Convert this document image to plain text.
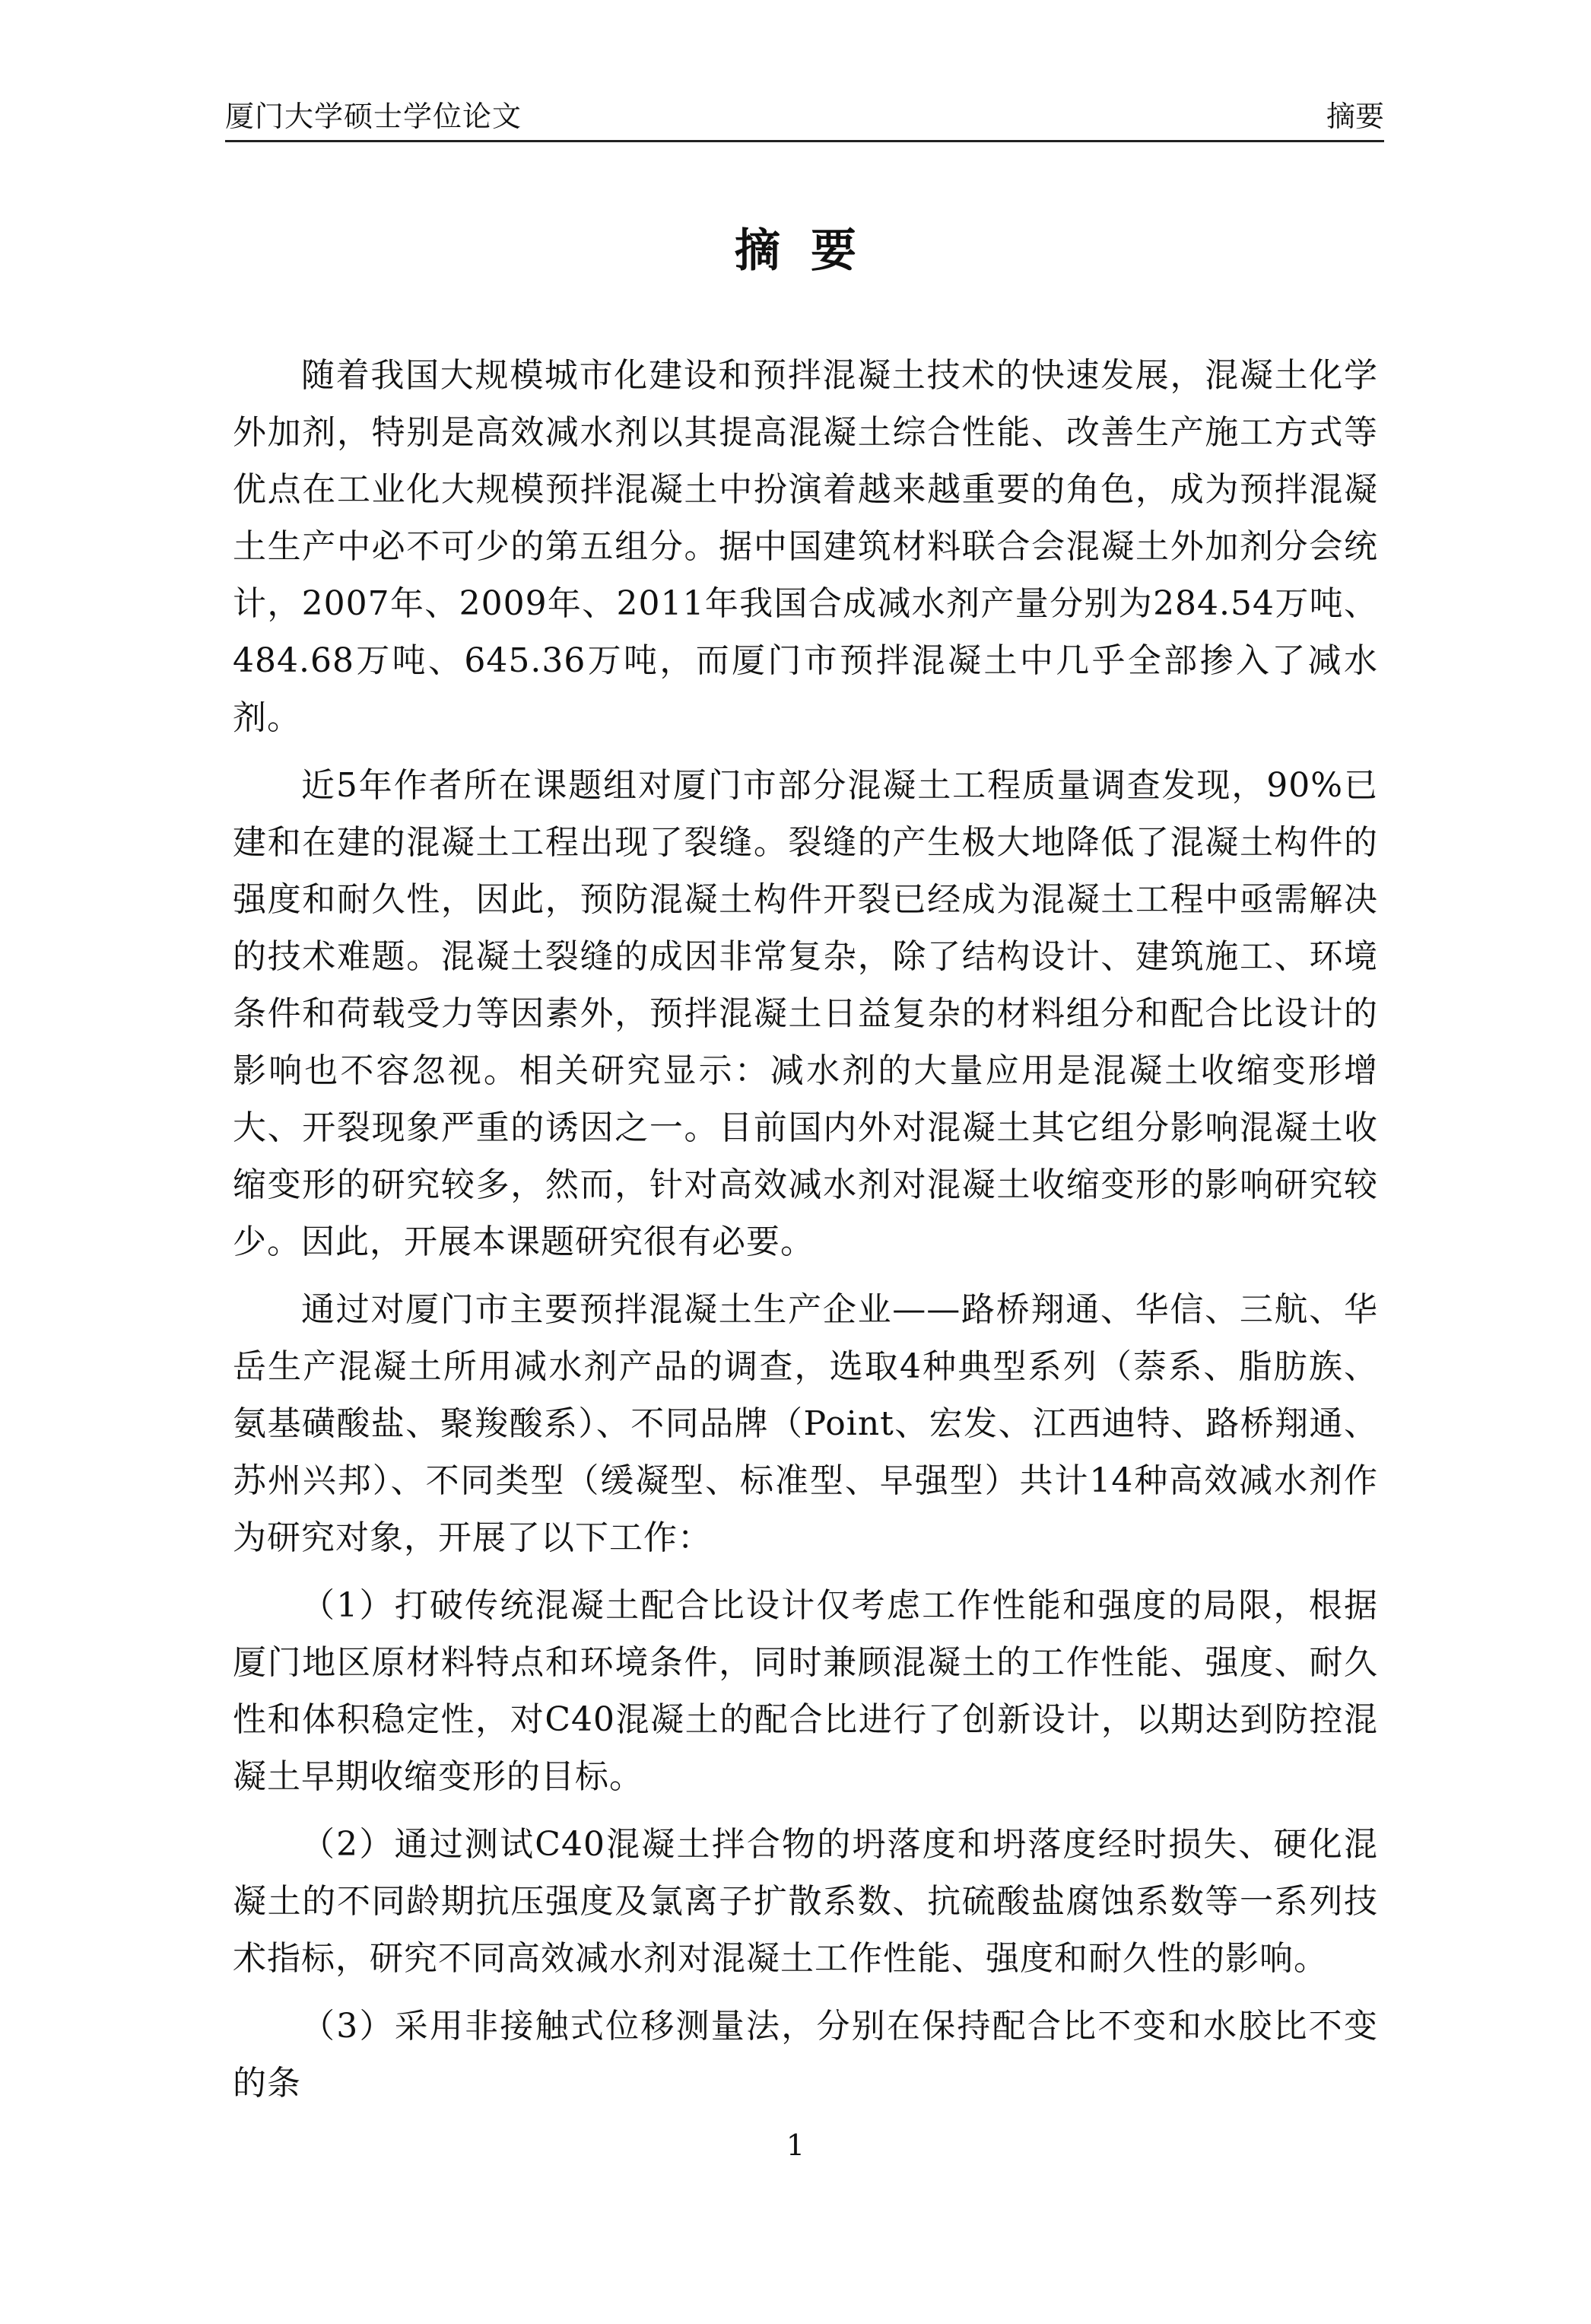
厦门大学硕士学位论文	摘要
摘要

随着我国大规模城市化建设和预拌混凝土技术的快速发展，混凝土化学外加剂，特别是高效减水剂以其提高混凝土综合性能、改善生产施工方式等优点在工业化大规模预拌混凝土中扮演着越来越重要的角色，成为预拌混凝土生产中必不可少的第五组分。据中国建筑材料联合会混凝土外加剂分会统计，2007年、2009年、2011年我国合成减水剂产量分别为284.54万吨、484.68万吨、645.36万吨，而厦门市预拌混凝土中几乎全部掺入了减水剂。

近5年作者所在课题组对厦门市部分混凝土工程质量调查发现，90%已建和在建的混凝土工程出现了裂缝。裂缝的产生极大地降低了混凝土构件的强度和耐久性，因此，预防混凝土构件开裂已经成为混凝土工程中亟需解决的技术难题。混凝土裂缝的成因非常复杂，除了结构设计、建筑施工、环境条件和荷载受力等因素外，预拌混凝土日益复杂的材料组分和配合比设计的影响也不容忽视。相关研究显示：减水剂的大量应用是混凝土收缩变形增大、开裂现象严重的诱因之一。目前国内外对混凝土其它组分影响混凝土收缩变形的研究较多，然而，针对高效减水剂对混凝土收缩变形的影响研究较少。因此，开展本课题研究很有必要。

通过对厦门市主要预拌混凝土生产企业——路桥翔通、华信、三航、华岳生产混凝土所用减水剂产品的调查，选取4种典型系列（萘系、脂肪族、氨基磺酸盐、聚羧酸系）、不同品牌（Point、宏发、江西迪特、路桥翔通、苏州兴邦）、不同类型（缓凝型、标准型、早强型）共计14种高效减水剂作为研究对象，开展了以下工作：

（1）打破传统混凝土配合比设计仅考虑工作性能和强度的局限，根据厦门地区原材料特点和环境条件，同时兼顾混凝土的工作性能、强度、耐久性和体积稳定性，对C40混凝土的配合比进行了创新设计，以期达到防控混凝土早期收缩变形的目标。

（2）通过测试C40混凝土拌合物的坍落度和坍落度经时损失、硬化混凝土的不同龄期抗压强度及氯离子扩散系数、抗硫酸盐腐蚀系数等一系列技术指标，研究不同高效减水剂对混凝土工作性能、强度和耐久性的影响。

（3）采用非接触式位移测量法，分别在保持配合比不变和水胶比不变的条

1
